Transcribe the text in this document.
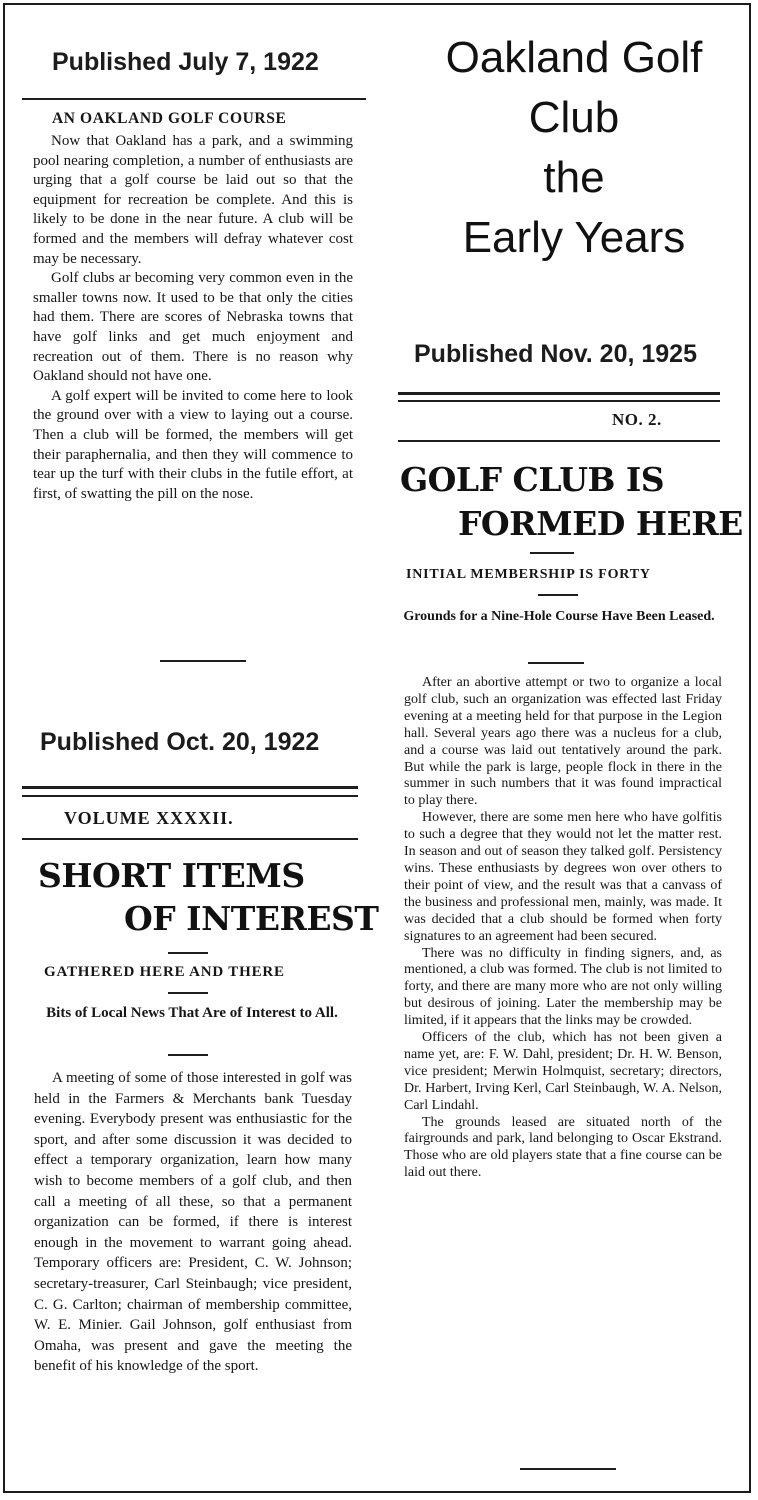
Published July 7, 1922
AN OAKLAND GOLF COURSE

Now that Oakland has a park, and a swimming pool nearing completion, a number of enthusiasts are urging that a golf course be laid out so that the equipment for recreation be complete. And this is likely to be done in the near future. A club will be formed and the members will defray whatever cost may be necessary.

Golf clubs ar becoming very common even in the smaller towns now. It used to be that only the cities had them. There are scores of Nebraska towns that have golf links and get much enjoyment and recreation out of them. There is no reason why Oakland should not have one.

A golf expert will be invited to come here to look the ground over with a view to laying out a course. Then a club will be formed, the members will get their paraphernalia, and then they will commence to tear up the turf with their clubs in the futile effort, at first, of swatting the pill on the nose.

Oakland Golf
Club
the
Early Years
Published Oct. 20, 1922
VOLUME XXXXII.
SHORT ITEMS
OF INTEREST
GATHERED HERE AND THERE
Bits of Local News That Are of Interest to All.

A meeting of some of those interested in golf was held in the Farmers & Merchants bank Tuesday evening. Everybody present was enthusiastic for the sport, and after some discussion it was decided to effect a temporary organization, learn how many wish to become members of a golf club, and then call a meeting of all these, so that a permanent organization can be formed, if there is interest enough in the movement to warrant going ahead. Temporary officers are: President, C. W. Johnson; secretary-treasurer, Carl Steinbaugh; vice president, C. G. Carlton; chairman of membership committee, W. E. Minier. Gail Johnson, golf enthusiast from Omaha, was present and gave the meeting the benefit of his knowledge of the sport.

Published Nov. 20, 1925
NO. 2.
GOLF CLUB IS
FORMED HERE
INITIAL MEMBERSHIP IS FORTY
Grounds for a Nine-Hole Course Have Been Leased.

After an abortive attempt or two to organize a local golf club, such an organization was effected last Friday evening at a meeting held for that purpose in the Legion hall. Several years ago there was a nucleus for a club, and a course was laid out tentatively around the park. But while the park is large, people flock in there in the summer in such numbers that it was found impractical to play there.

However, there are some men here who have golfitis to such a degree that they would not let the matter rest. In season and out of season they talked golf. Persistency wins. These enthusiasts by degrees won over others to their point of view, and the result was that a canvass of the business and professional men, mainly, was made. It was decided that a club should be formed when forty signatures to an agreement had been secured.

There was no difficulty in finding signers, and, as mentioned, a club was formed. The club is not limited to forty, and there are many more who are not only willing but desirous of joining. Later the membership may be limited, if it appears that the links may be crowded.

Officers of the club, which has not been given a name yet, are: F. W. Dahl, president; Dr. H. W. Benson, vice president; Merwin Holmquist, secretary; directors, Dr. Harbert, Irving Kerl, Carl Steinbaugh, W. A. Nelson, Carl Lindahl.

The grounds leased are situated north of the fairgrounds and park, land belonging to Oscar Ekstrand. Those who are old players state that a fine course can be laid out there.
